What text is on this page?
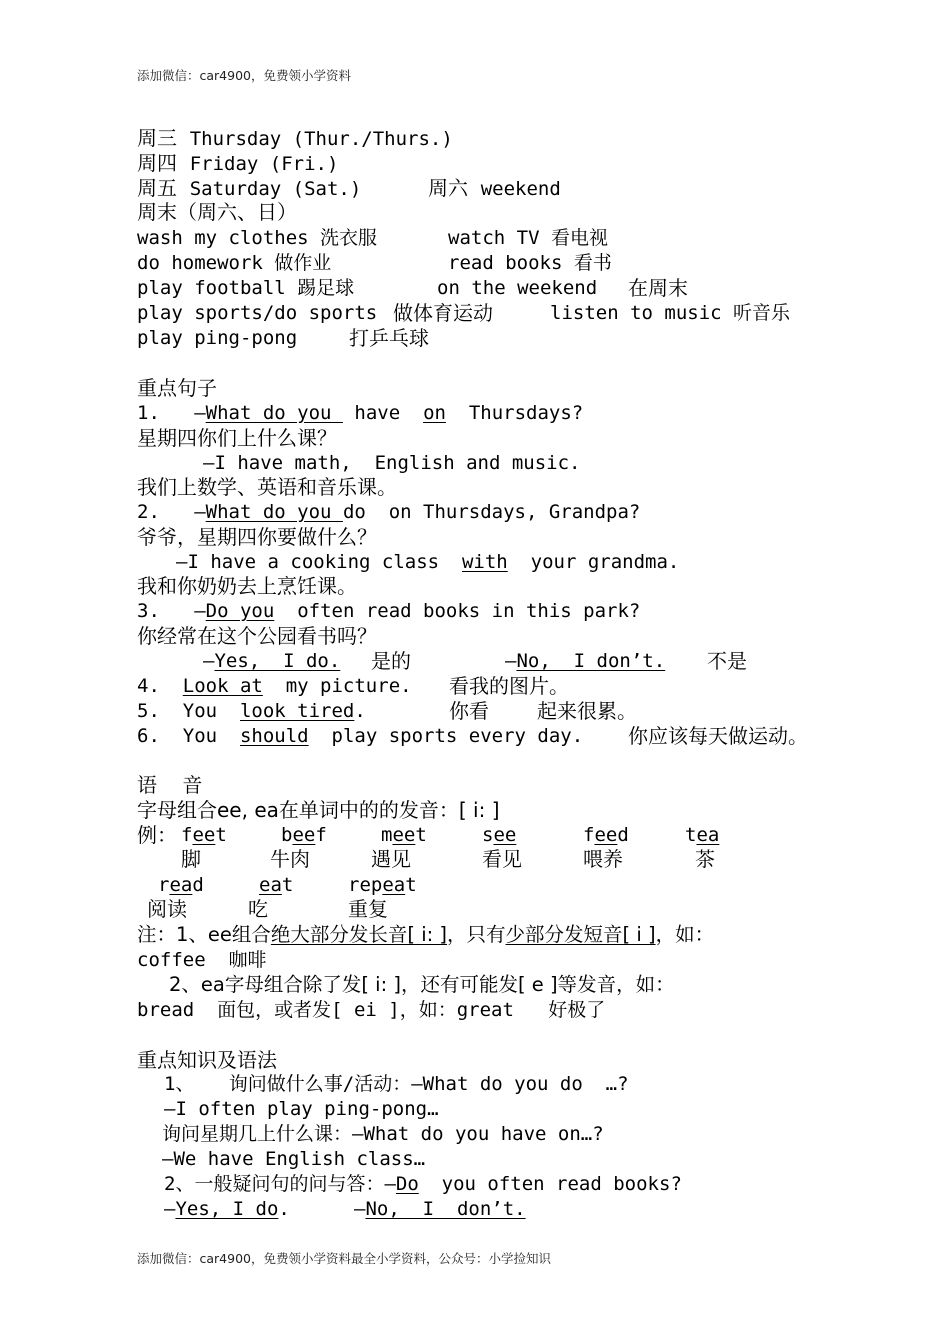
添加微信：car4900，免费领小学资料
周三 Thursday (Thur./Thurs.)
周四 Friday (Fri.)
周五 Saturday (Sat.)	周六 weekend
周末（周六、日）
wash my clothes 洗衣服	watch TV 看电视
do homework 做作业	read books 看书
play football 踢足球	on the weekend 在周末
play sports/do sports 做体育运动	listen to music 听音乐
play ping-pong	打乒乓球
重点句子
1. —What do you  have  on Thursdays?
星期四你们上什么课？
—I have math,  English and music.
我们上数学、英语和音乐课。
2. —What do you do  on Thursdays, Grandpa?
爷爷，星期四你要做什么？
—I have a cooking class  with  your grandma.
我和你奶奶去上烹饪课。
3. —Do you  often read books in this park?
你经常在这个公园看书吗？
—Yes,  I do. 是的	—No,  I don’t. 不是
4. Look at  my picture. 看我的图片。
5. You  look tired.	你看 起来很累。
6. You  should  play sports every day. 你应该每天做运动。
语    音
字母组合ee, ea在单词中的的发音：[ i: ]
例： feet	beef	meet	see	feed	tea
脚	牛肉	遇见	看见	喂养	茶
read	eat	repeat
阅读	吃	重复
注：1、ee组合绝大部分发长音[ i: ]，只有少部分发短音[ i ]，如：
coffee  咖啡
2、ea字母组合除了发[ i: ]，还有可能发[ e ]等发音，如：
bread  面包，或者发[ ei ]，如：great   好极了
重点知识及语法
1、   询问做什么事/活动：—What do you do  …?
—I often play ping-pong…
询问星期几上什么课：—What do you have on…?
—We have English class…
2、一般疑问句的问与答：—Do  you often read books?
—Yes, I do.	—No,  I  don’t.
添加微信：car4900，免费领小学资料最全小学资料，公众号：小学捡知识
